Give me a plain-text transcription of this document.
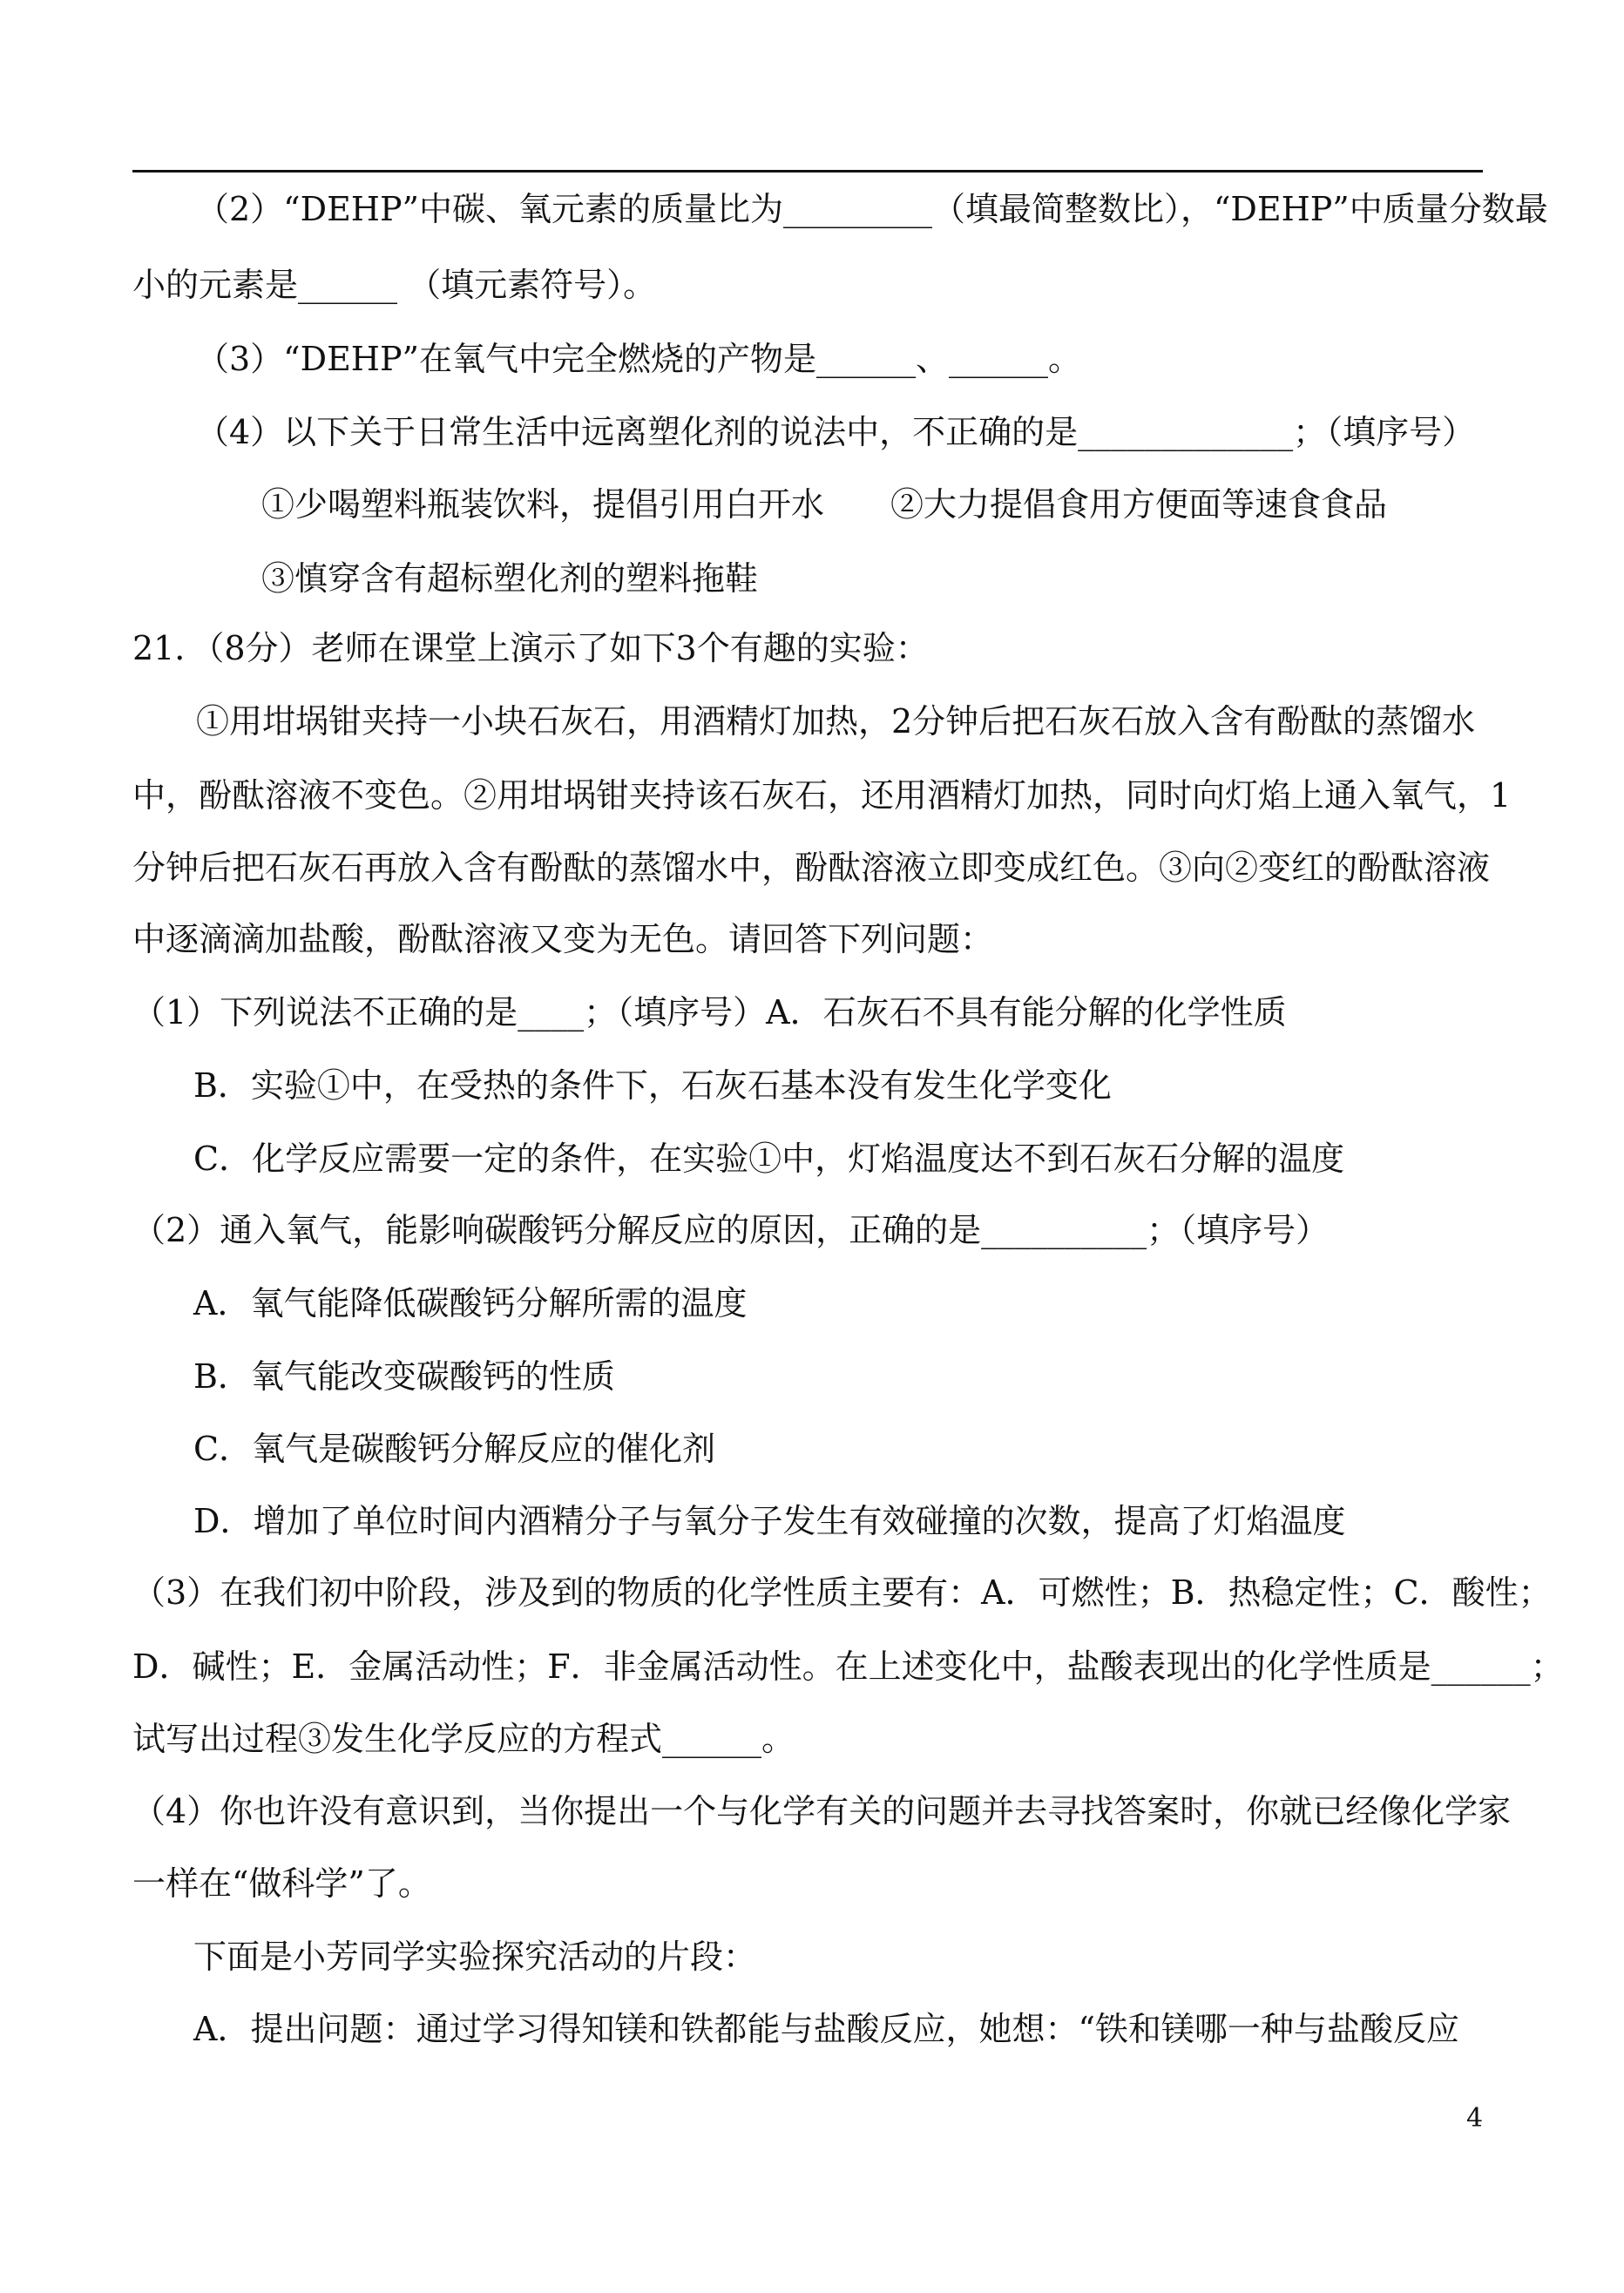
（2）“DEHP”中碳、氧元素的质量比为_________（填最简整数比），“DEHP”中质量分数最
小的元素是______ （填元素符号）。
（3）“DEHP”在氧气中完全燃烧的产物是______、______。
（4）以下关于日常生活中远离塑化剂的说法中，不正确的是_____________；（填序号）
①少喝塑料瓶装饮料，提倡引用白开水　　②大力提倡食用方便面等速食食品
③慎穿含有超标塑化剂的塑料拖鞋
21．（8分）老师在课堂上演示了如下3个有趣的实验：
①用坩埚钳夹持一小块石灰石，用酒精灯加热，2分钟后把石灰石放入含有酚酞的蒸馏水
中，酚酞溶液不变色。②用坩埚钳夹持该石灰石，还用酒精灯加热，同时向灯焰上通入氧气，1
分钟后把石灰石再放入含有酚酞的蒸馏水中，酚酞溶液立即变成红色。③向②变红的酚酞溶液
中逐滴滴加盐酸，酚酞溶液又变为无色。请回答下列问题：
（1）下列说法不正确的是____；（填序号）A．石灰石不具有能分解的化学性质
B．实验①中，在受热的条件下，石灰石基本没有发生化学变化
C．化学反应需要一定的条件，在实验①中，灯焰温度达不到石灰石分解的温度
（2）通入氧气，能影响碳酸钙分解反应的原因，正确的是__________；（填序号）
A．氧气能降低碳酸钙分解所需的温度
B．氧气能改变碳酸钙的性质
C．氧气是碳酸钙分解反应的催化剂
D．增加了单位时间内酒精分子与氧分子发生有效碰撞的次数，提高了灯焰温度
（3）在我们初中阶段，涉及到的物质的化学性质主要有：A．可燃性；B．热稳定性；C．酸性；
D．碱性；E．金属活动性；F．非金属活动性。在上述变化中，盐酸表现出的化学性质是______；
试写出过程③发生化学反应的方程式______。
（4）你也许没有意识到，当你提出一个与化学有关的问题并去寻找答案时，你就已经像化学家
一样在“做科学”了。
下面是小芳同学实验探究活动的片段：
A．提出问题：通过学习得知镁和铁都能与盐酸反应，她想：“铁和镁哪一种与盐酸反应
4
